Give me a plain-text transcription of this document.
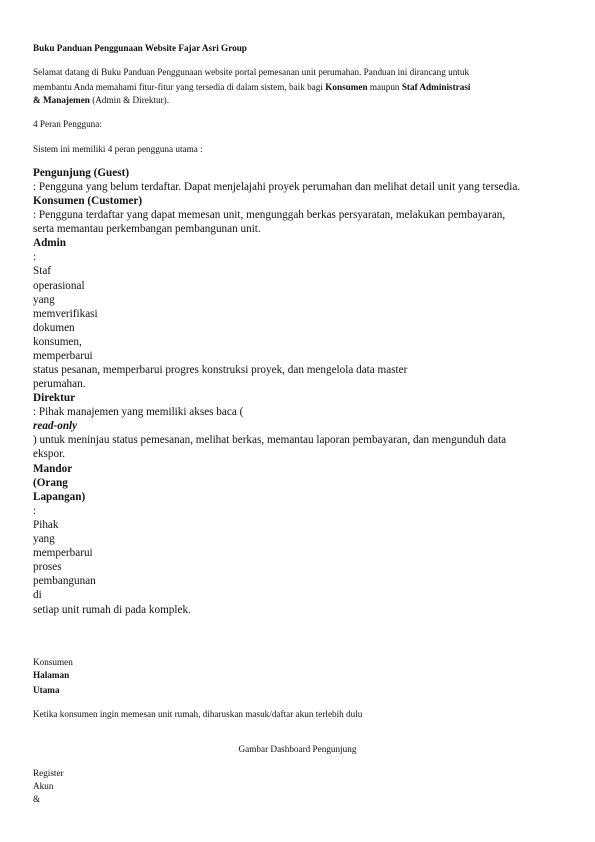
Buku Panduan Penggunaan Website Fajar Asri Group
Selamat datang di Buku Panduan Penggunaan website portal pemesanan unit perumahan. Panduan ini dirancang untuk
membantu Anda memahami fitur-fitur yang tersedia di dalam sistem, baik bagi Konsumen maupun Staf Administrasi
& Manajemen (Admin & Direktur).
4 Peran Pengguna:
Sistem ini memiliki 4 peran pengguna utama :
Pengunjung (Guest)
: Pengguna yang belum terdaftar. Dapat menjelajahi proyek perumahan dan melihat detail unit yang tersedia.
Konsumen (Customer)
: Pengguna terdaftar yang dapat memesan unit, mengunggah berkas persyaratan, melakukan pembayaran,
serta memantau perkembangan pembangunan unit.
Admin
:
Staf
operasional
yang
memverifikasi
dokumen
konsumen,
memperbarui
status pesanan, memperbarui progres konstruksi proyek, dan mengelola data master
perumahan.
Direktur
: Pihak manajemen yang memiliki akses baca (
read-only
) untuk meninjau status pemesanan, melihat berkas, memantau laporan pembayaran, dan mengunduh data
ekspor.
Mandor
(Orang
Lapangan)
:
Pihak
yang
memperbarui
proses
pembangunan
di
setiap unit rumah di pada komplek.
Konsumen
Halaman
Utama
Ketika konsumen ingin memesan unit rumah, diharuskan masuk/daftar akun terlebih dulu
Gambar Dashboard Pengunjung
Register
Akun
&
